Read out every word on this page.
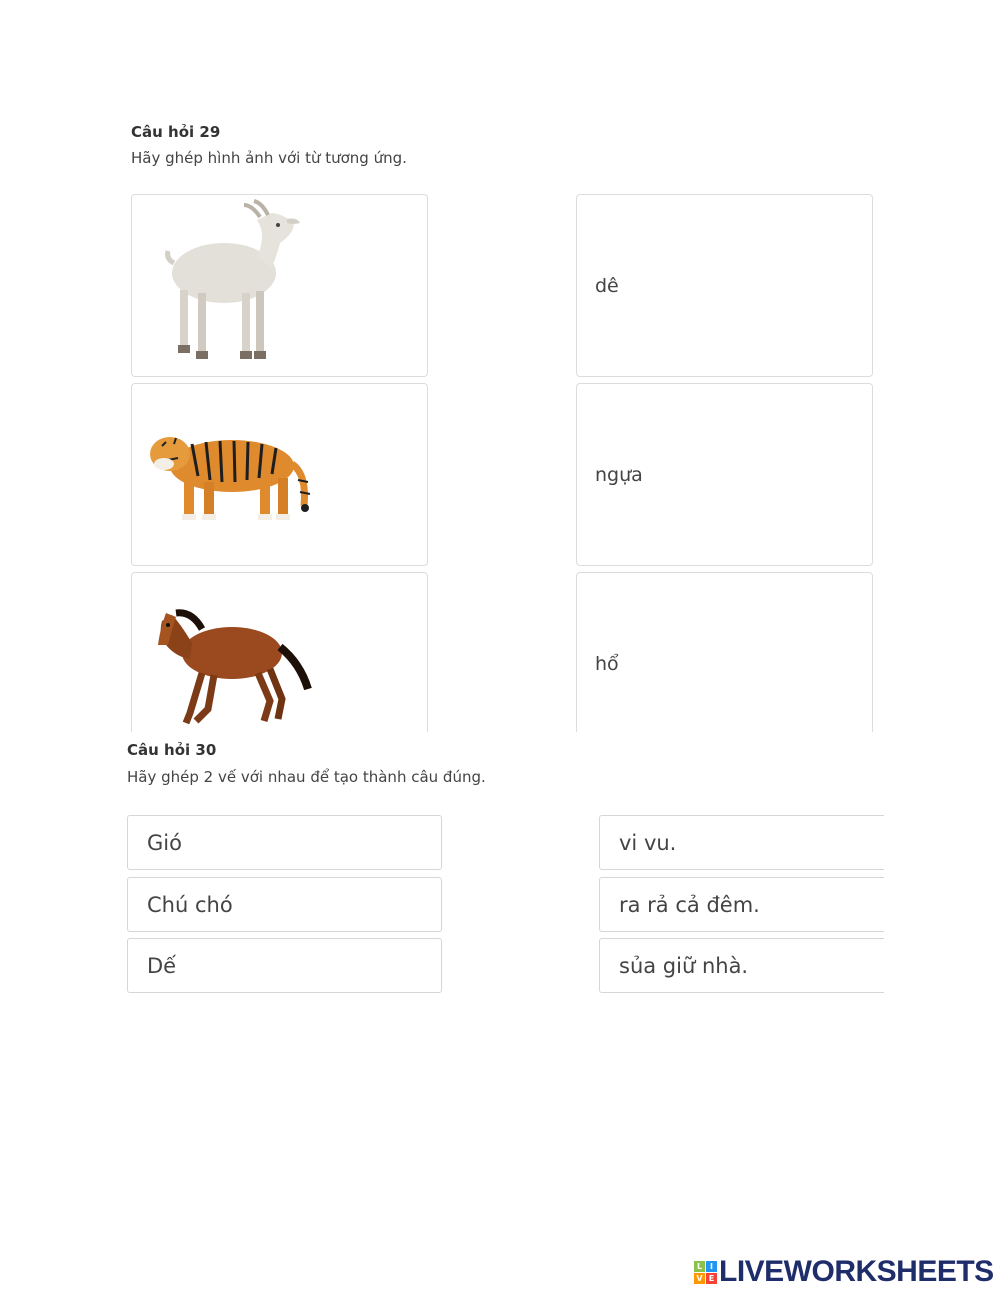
Câu hỏi 29
Hãy ghép hình ảnh với từ tương ứng.
dê
ngựa
hổ
Câu hỏi 30
Hãy ghép 2 vế với nhau để tạo thành câu đúng.
Gió
Chú chó
Dế
vi vu.
ra rả cả đêm.
sủa giữ nhà.
L I
V E LIVEWORKSHEETS
